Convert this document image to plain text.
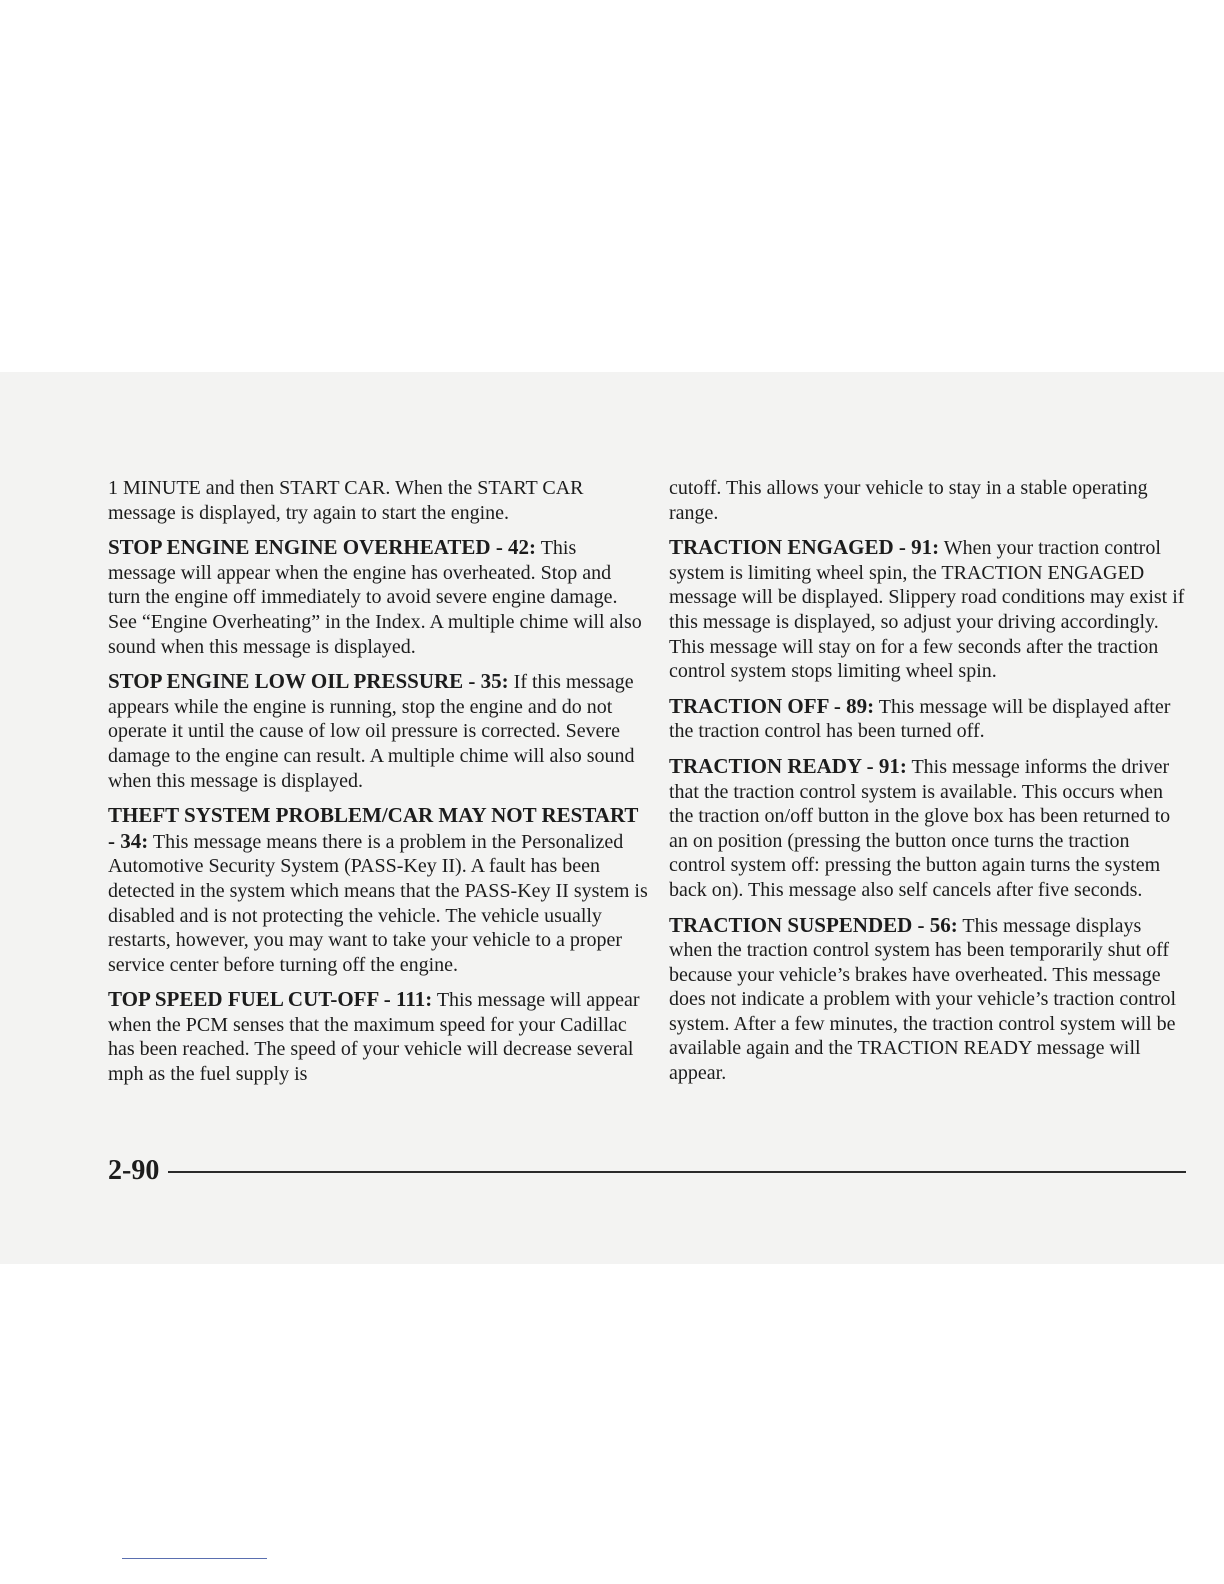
1 MINUTE and then START CAR. When the START CAR message is displayed, try again to start the engine.

STOP ENGINE ENGINE OVERHEATED - 42: This message will appear when the engine has overheated. Stop and turn the engine off immediately to avoid severe engine damage. See “Engine Overheating” in the Index. A multiple chime will also sound when this message is displayed.

STOP ENGINE LOW OIL PRESSURE - 35: If this message appears while the engine is running, stop the engine and do not operate it until the cause of low oil pressure is corrected. Severe damage to the engine can result. A multiple chime will also sound when this message is displayed.

THEFT SYSTEM PROBLEM/CAR MAY NOT RESTART - 34: This message means there is a problem in the Personalized Automotive Security System (PASS-Key II). A fault has been detected in the system which means that the PASS-Key II system is disabled and is not protecting the vehicle. The vehicle usually restarts, however, you may want to take your vehicle to a proper service center before turning off the engine.

TOP SPEED FUEL CUT-OFF - 111: This message will appear when the PCM senses that the maximum speed for your Cadillac has been reached. The speed of your vehicle will decrease several mph as the fuel supply is

cutoff. This allows your vehicle to stay in a stable operating range.

TRACTION ENGAGED - 91: When your traction control system is limiting wheel spin, the TRACTION ENGAGED message will be displayed. Slippery road conditions may exist if this message is displayed, so adjust your driving accordingly. This message will stay on for a few seconds after the traction control system stops limiting wheel spin.

TRACTION OFF - 89: This message will be displayed after the traction control has been turned off.

TRACTION READY - 91: This message informs the driver that the traction control system is available. This occurs when the traction on/off button in the glove box has been returned to an on position (pressing the button once turns the traction control system off: pressing the button again turns the system back on). This message also self cancels after five seconds.

TRACTION SUSPENDED - 56: This message displays when the traction control system has been temporarily shut off because your vehicle’s brakes have overheated. This message does not indicate a problem with your vehicle’s traction control system. After a few minutes, the traction control system will be available again and the TRACTION READY message will appear.

2-90
